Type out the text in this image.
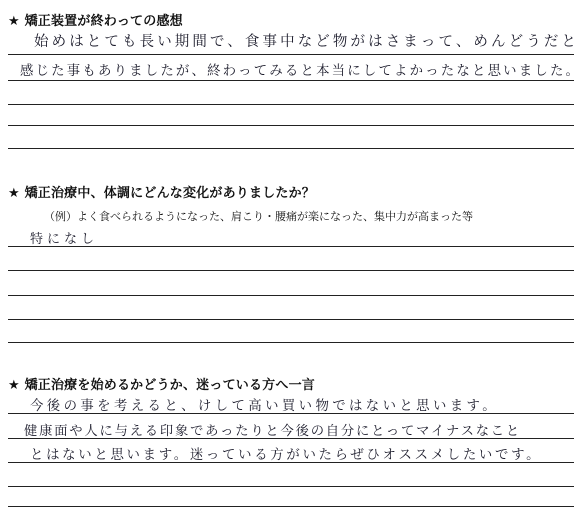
★ 矯正装置が終わっての感想
始めはとても長い期間で、食事中など物がはさまって、めんどうだと
感じた事もありましたが、終わってみると本当にしてよかったなと思いました。
★ 矯正治療中、体調にどんな変化がありましたか？
（例）よく食べられるようになった、肩こり・腰痛が楽になった、集中力が高まった等
特になし
★ 矯正治療を始めるかどうか、迷っている方へ一言
今後の事を考えると、けして高い買い物ではないと思います。
健康面や人に与える印象であったりと今後の自分にとってマイナスなこと
とはないと思います。迷っている方がいたらぜひオススメしたいです。
